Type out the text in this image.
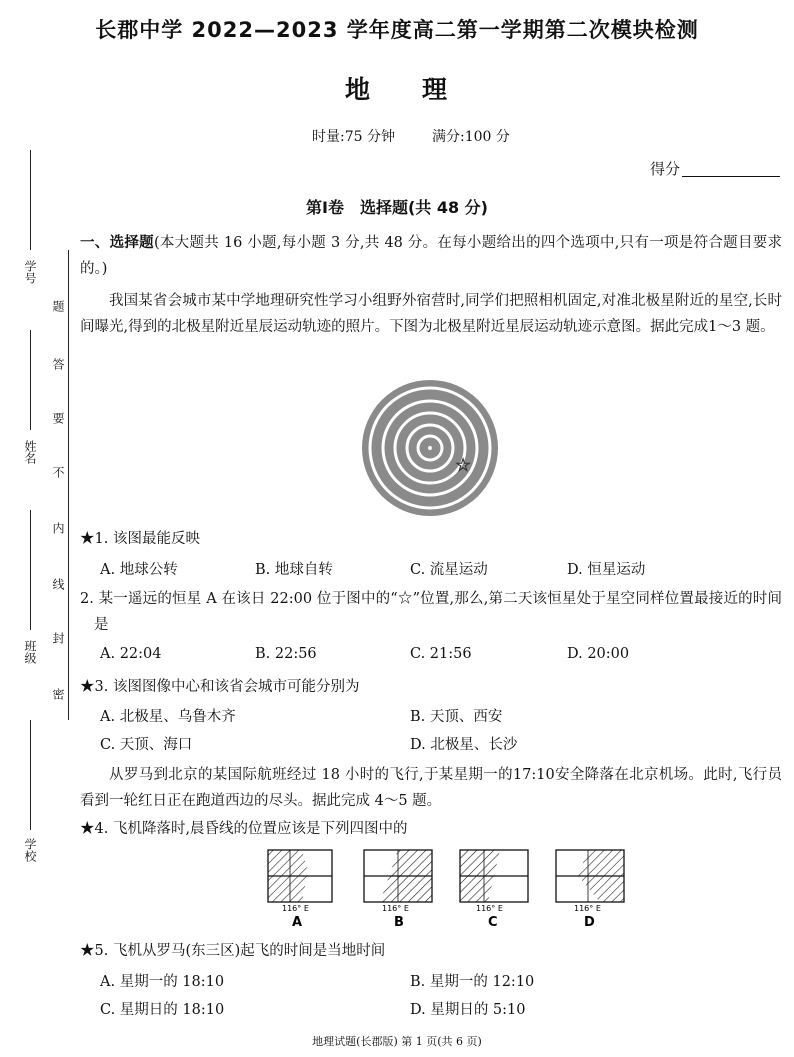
学号
姓名
班级
学校
题
答
要
不
内
线
封
密
长郡中学 2022—2023 学年度高二第一学期第二次模块检测
地理
时量:75 分钟	满分:100 分
得分
第Ⅰ卷　选择题(共 48 分)
一、选择题(本大题共 16 小题,每小题 3 分,共 48 分。在每小题给出的四个选项中,只有一项是符合题目要求的。)
我国某省会城市某中学地理研究性学习小组野外宿营时,同学们把照相机固定,对准北极星附近的星空,长时间曝光,得到的北极星附近星辰运动轨迹的照片。下图为北极星附近星辰运动轨迹示意图。据此完成1～3 题。
☆
★1. 该图最能反映
A. 地球公转	B. 地球自转	C. 流星运动	D. 恒星运动
2. 某一遥远的恒星 A 在该日 22:00 位于图中的“☆”位置,那么,第二天该恒星处于星空同样位置最接近的时间是
A. 22:04	B. 22:56	C. 21:56	D. 20:00
★3. 该图图像中心和该省会城市可能分别为
A. 北极星、乌鲁木齐	B. 天顶、西安
C. 天顶、海口	D. 北极星、长沙
从罗马到北京的某国际航班经过 18 小时的飞行,于某星期一的17:10安全降落在北京机场。此时,飞行员看到一轮红日正在跑道西边的尽头。据此完成 4～5 题。
★4. 飞机降落时,晨昏线的位置应该是下列四图中的
116° E
A
116° E
B
116° E
C
116° E
D
★5. 飞机从罗马(东三区)起飞的时间是当地时间
A. 星期一的 18:10	B. 星期一的 12:10
C. 星期日的 18:10	D. 星期日的 5:10
地理试题(长郡版) 第 1 页(共 6 页)
